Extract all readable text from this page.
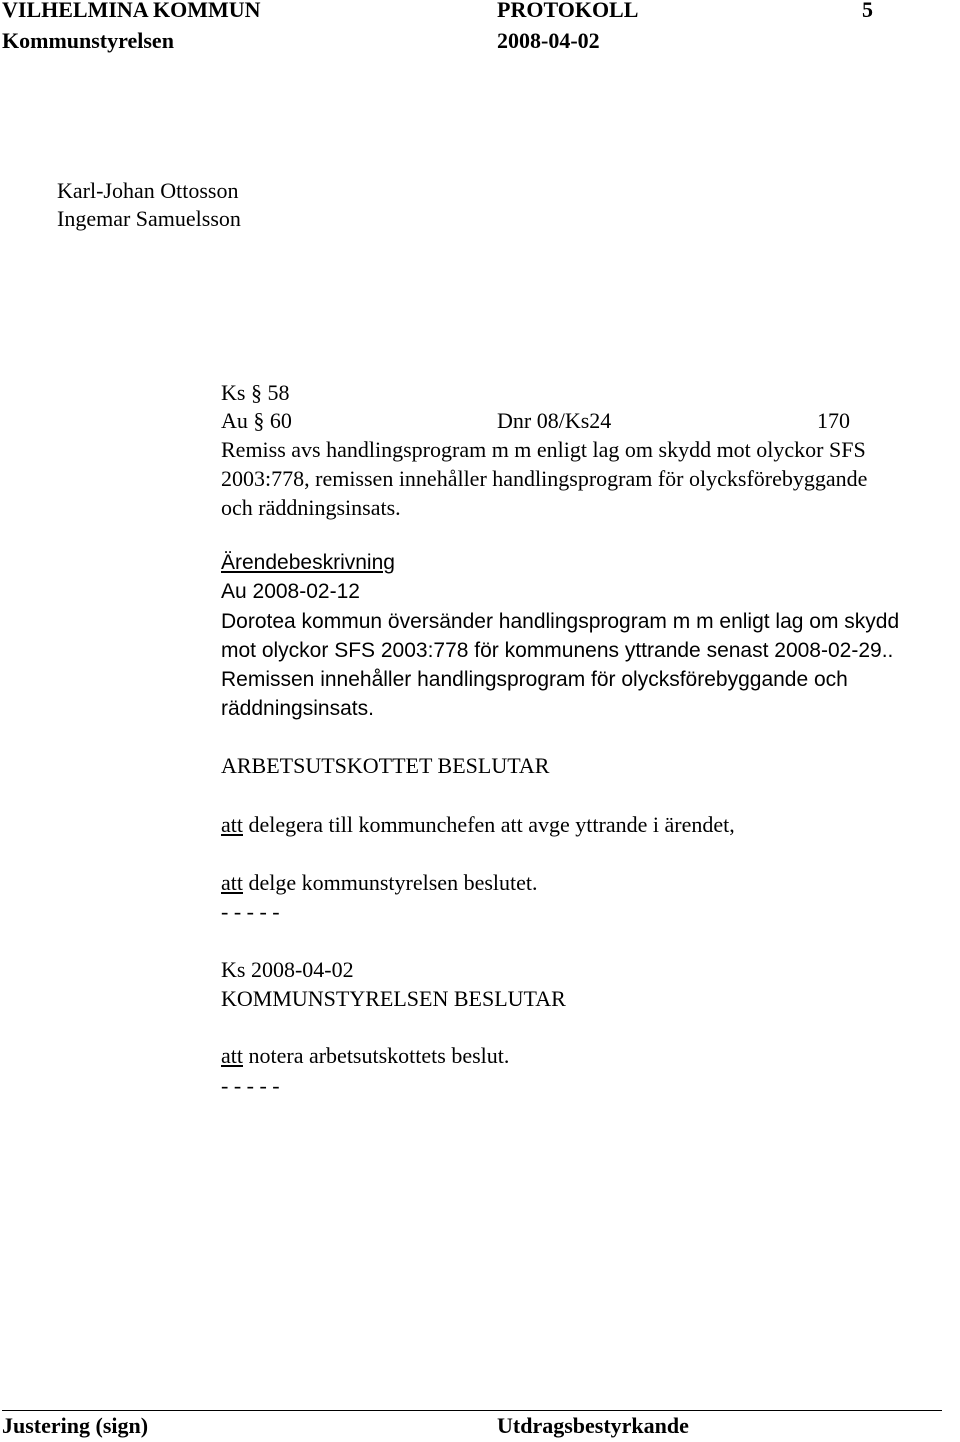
VILHELMINA KOMMUN	PROTOKOLL	5
Kommunstyrelsen	2008-04-02
Karl-Johan Ottosson
Ingemar Samuelsson
Ks § 58
Au § 60	Dnr 08/Ks24	170
Remiss avs handlingsprogram m m enligt lag om skydd mot olyckor SFS
2003:778, remissen innehåller handlingsprogram för olycksförebyggande
och räddningsinsats.
Ärendebeskrivning
Au 2008-02-12
Dorotea kommun översänder handlingsprogram m m enligt lag om skydd
mot olyckor SFS 2003:778 för kommunens yttrande senast 2008-02-29..
Remissen innehåller handlingsprogram för olycksförebyggande och
räddningsinsats.
ARBETSUTSKOTTET BESLUTAR
att delegera till kommunchefen att avge yttrande i ärendet,
att delge kommunstyrelsen beslutet.
- - - - -
Ks 2008-04-02
KOMMUNSTYRELSEN BESLUTAR
att notera arbetsutskottets beslut.
- - - - -
Justering (sign)	Utdragsbestyrkande
